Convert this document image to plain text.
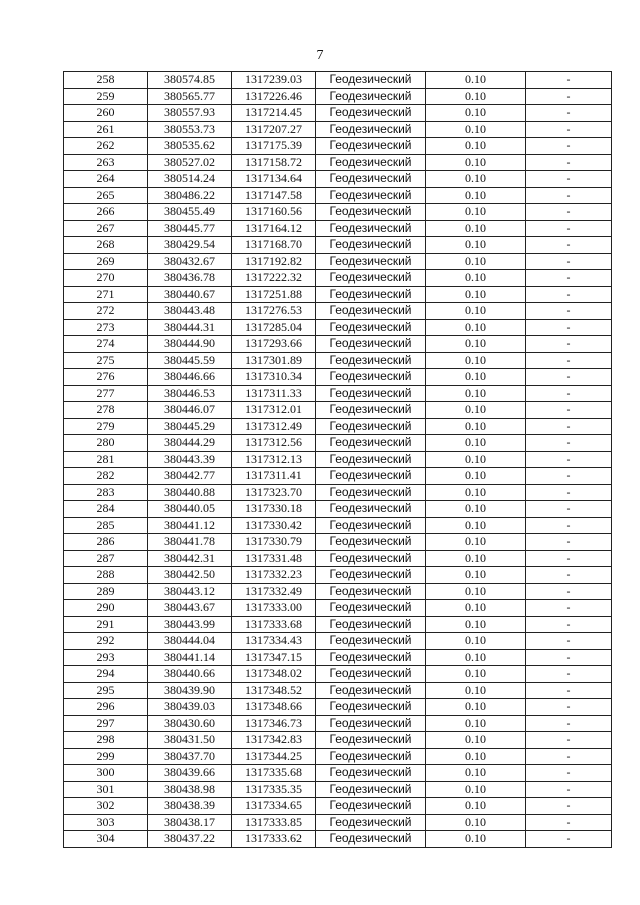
7
258	380574.85	1317239.03	Геодезический	0.10	-
259	380565.77	1317226.46	Геодезический	0.10	-
260	380557.93	1317214.45	Геодезический	0.10	-
261	380553.73	1317207.27	Геодезический	0.10	-
262	380535.62	1317175.39	Геодезический	0.10	-
263	380527.02	1317158.72	Геодезический	0.10	-
264	380514.24	1317134.64	Геодезический	0.10	-
265	380486.22	1317147.58	Геодезический	0.10	-
266	380455.49	1317160.56	Геодезический	0.10	-
267	380445.77	1317164.12	Геодезический	0.10	-
268	380429.54	1317168.70	Геодезический	0.10	-
269	380432.67	1317192.82	Геодезический	0.10	-
270	380436.78	1317222.32	Геодезический	0.10	-
271	380440.67	1317251.88	Геодезический	0.10	-
272	380443.48	1317276.53	Геодезический	0.10	-
273	380444.31	1317285.04	Геодезический	0.10	-
274	380444.90	1317293.66	Геодезический	0.10	-
275	380445.59	1317301.89	Геодезический	0.10	-
276	380446.66	1317310.34	Геодезический	0.10	-
277	380446.53	1317311.33	Геодезический	0.10	-
278	380446.07	1317312.01	Геодезический	0.10	-
279	380445.29	1317312.49	Геодезический	0.10	-
280	380444.29	1317312.56	Геодезический	0.10	-
281	380443.39	1317312.13	Геодезический	0.10	-
282	380442.77	1317311.41	Геодезический	0.10	-
283	380440.88	1317323.70	Геодезический	0.10	-
284	380440.05	1317330.18	Геодезический	0.10	-
285	380441.12	1317330.42	Геодезический	0.10	-
286	380441.78	1317330.79	Геодезический	0.10	-
287	380442.31	1317331.48	Геодезический	0.10	-
288	380442.50	1317332.23	Геодезический	0.10	-
289	380443.12	1317332.49	Геодезический	0.10	-
290	380443.67	1317333.00	Геодезический	0.10	-
291	380443.99	1317333.68	Геодезический	0.10	-
292	380444.04	1317334.43	Геодезический	0.10	-
293	380441.14	1317347.15	Геодезический	0.10	-
294	380440.66	1317348.02	Геодезический	0.10	-
295	380439.90	1317348.52	Геодезический	0.10	-
296	380439.03	1317348.66	Геодезический	0.10	-
297	380430.60	1317346.73	Геодезический	0.10	-
298	380431.50	1317342.83	Геодезический	0.10	-
299	380437.70	1317344.25	Геодезический	0.10	-
300	380439.66	1317335.68	Геодезический	0.10	-
301	380438.98	1317335.35	Геодезический	0.10	-
302	380438.39	1317334.65	Геодезический	0.10	-
303	380438.17	1317333.85	Геодезический	0.10	-
304	380437.22	1317333.62	Геодезический	0.10	-
